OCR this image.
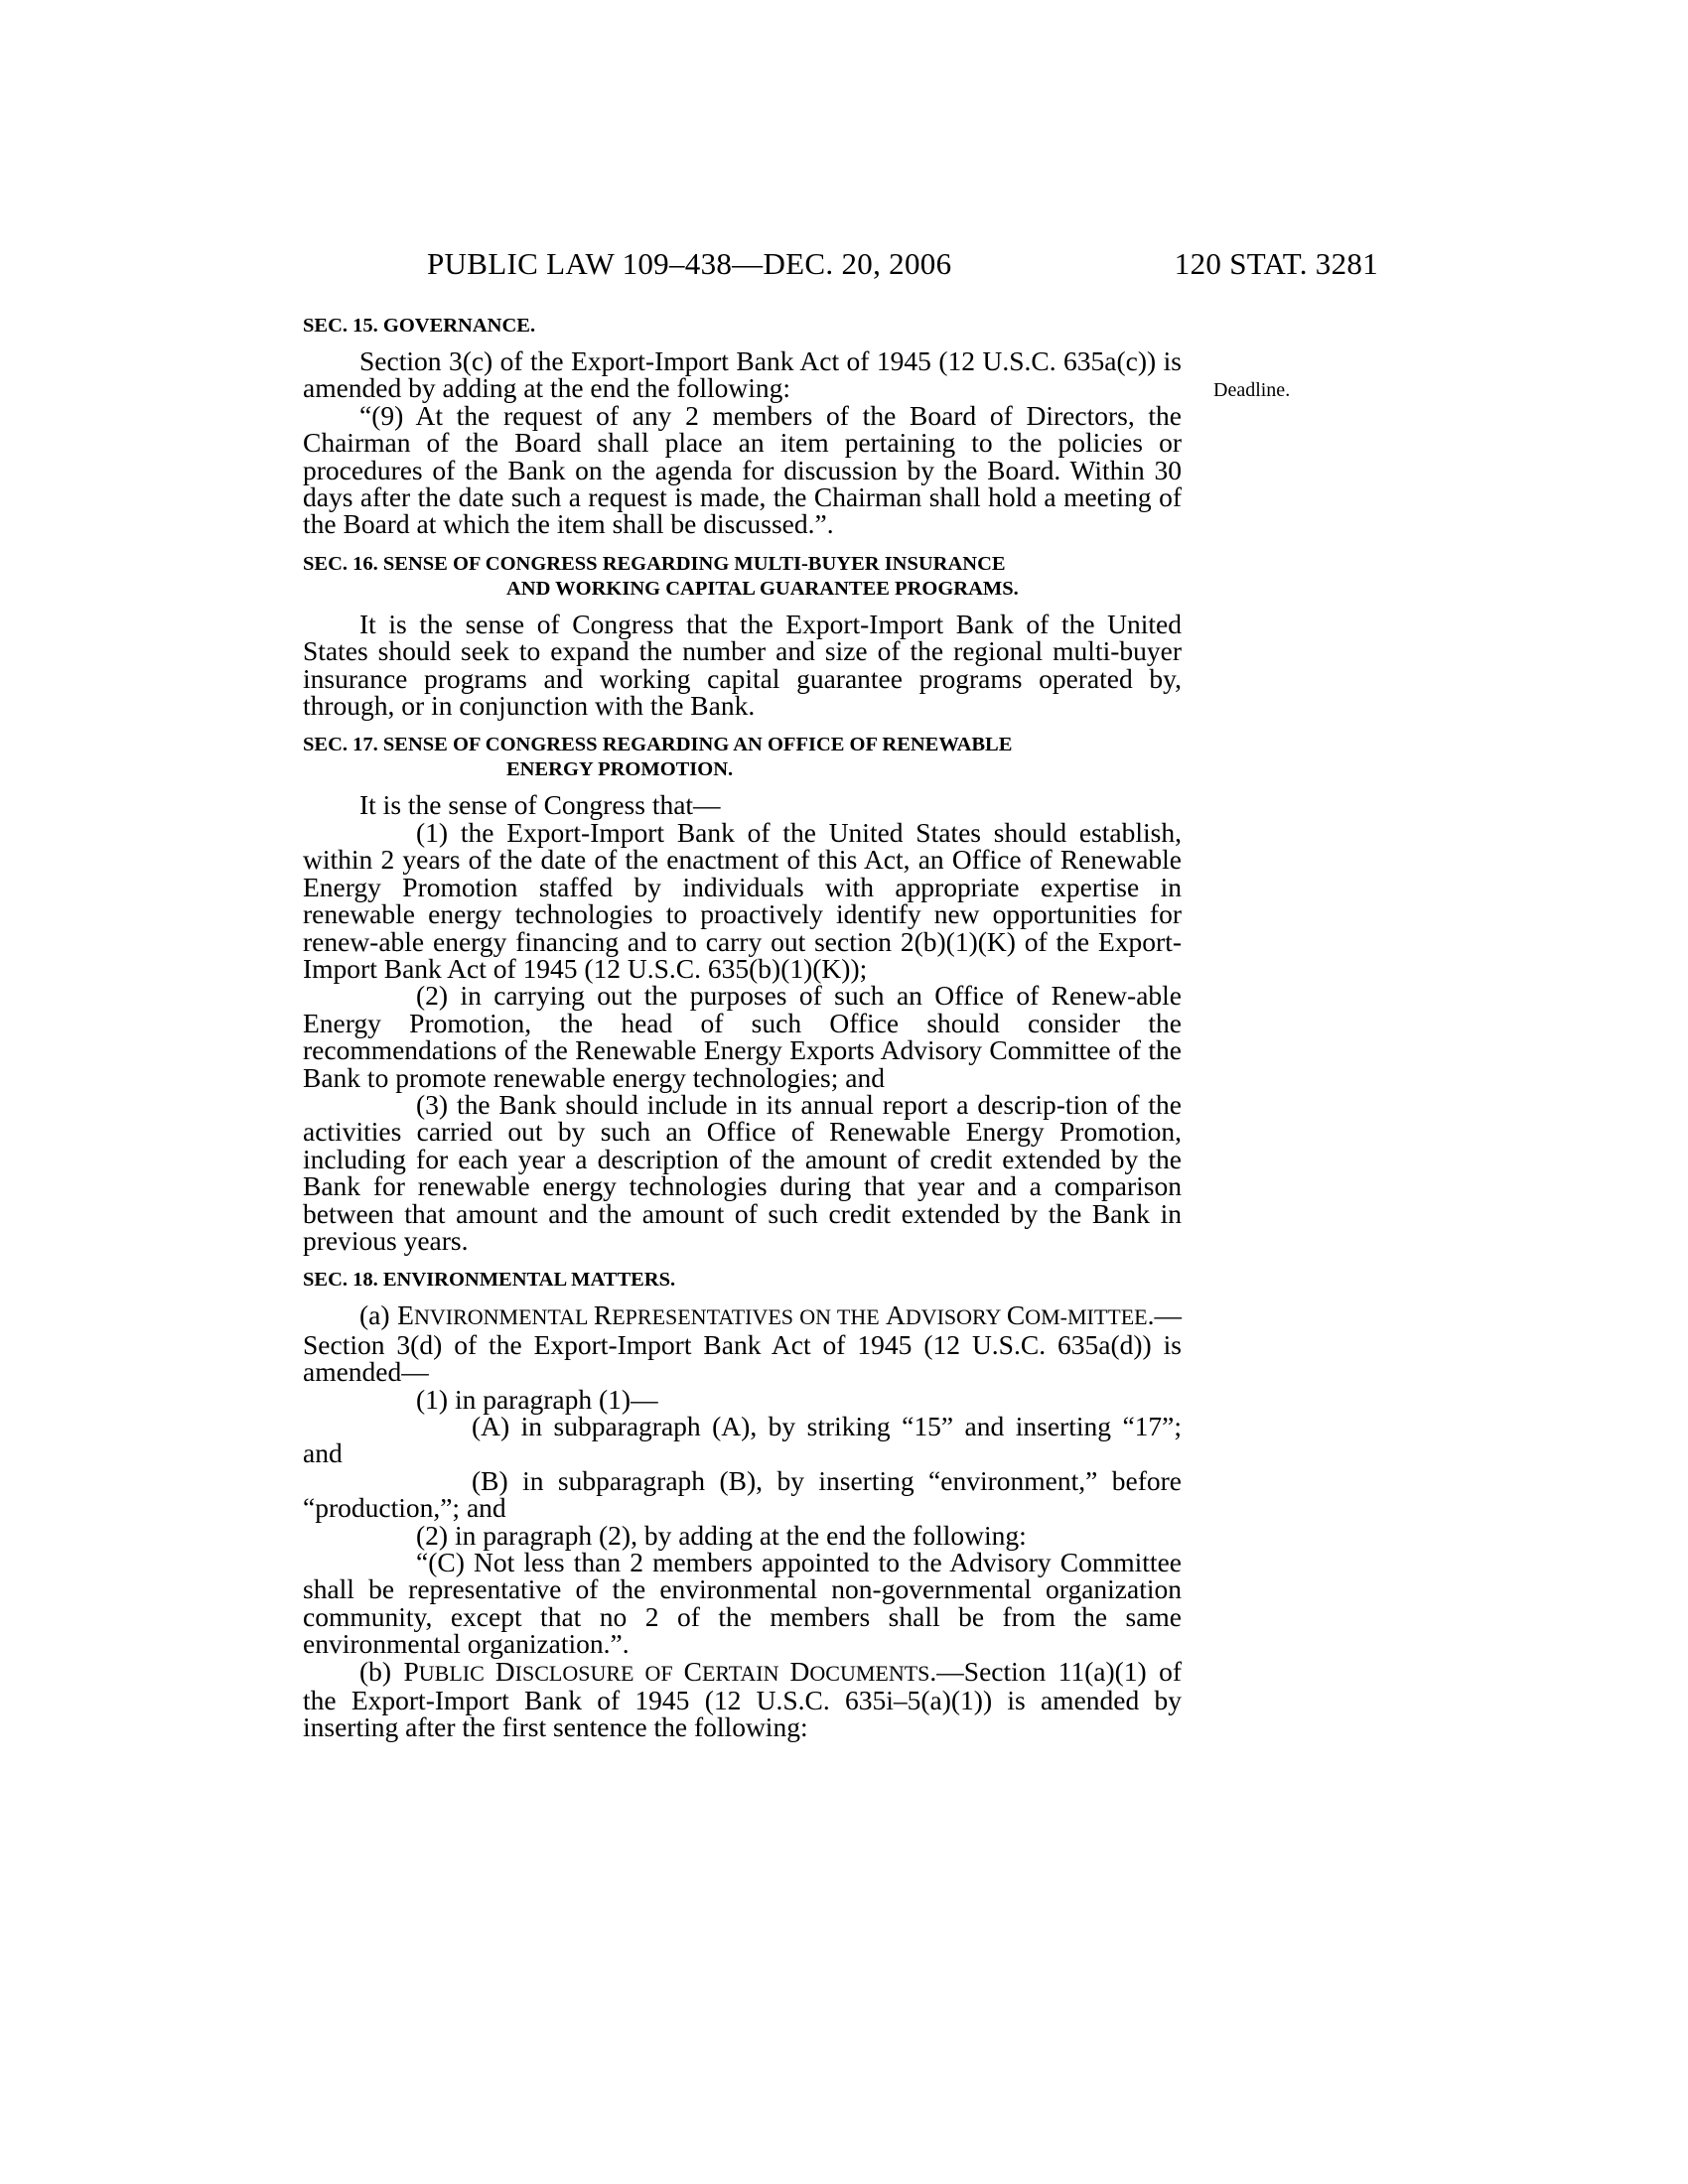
PUBLIC LAW 109–438—DEC. 20, 2006	120 STAT. 3281
Deadline.
SEC. 15. GOVERNANCE.

Section 3(c) of the Export-Import Bank Act of 1945 (12 U.S.C. 635a(c)) is amended by adding at the end the following:

“(9) At the request of any 2 members of the Board of Directors, the Chairman of the Board shall place an item pertaining to the policies or procedures of the Bank on the agenda for discussion by the Board. Within 30 days after the date such a request is made, the Chairman shall hold a meeting of the Board at which the item shall be discussed.”.

SEC. 16. SENSE OF CONGRESS REGARDING MULTI-BUYER INSURANCE
AND WORKING CAPITAL GUARANTEE PROGRAMS.

It is the sense of Congress that the Export-Import Bank of the United States should seek to expand the number and size of the regional multi-buyer insurance programs and working capital guarantee programs operated by, through, or in conjunction with the Bank.

SEC. 17. SENSE OF CONGRESS REGARDING AN OFFICE OF RENEWABLE
ENERGY PROMOTION.

It is the sense of Congress that—

(1) the Export-Import Bank of the United States should establish, within 2 years of the date of the enactment of this Act, an Office of Renewable Energy Promotion staffed by individuals with appropriate expertise in renewable energy technologies to proactively identify new opportunities for renew-able energy financing and to carry out section 2(b)(1)(K) of the Export-Import Bank Act of 1945 (12 U.S.C. 635(b)(1)(K));

(2) in carrying out the purposes of such an Office of Renew-able Energy Promotion, the head of such Office should consider the recommendations of the Renewable Energy Exports Advisory Committee of the Bank to promote renewable energy technologies; and

(3) the Bank should include in its annual report a descrip-tion of the activities carried out by such an Office of Renewable Energy Promotion, including for each year a description of the amount of credit extended by the Bank for renewable energy technologies during that year and a comparison between that amount and the amount of such credit extended by the Bank in previous years.

SEC. 18. ENVIRONMENTAL MATTERS.

(a) ENVIRONMENTAL REPRESENTATIVES ON THE ADVISORY COM-MITTEE.—Section 3(d) of the Export-Import Bank Act of 1945 (12 U.S.C. 635a(d)) is amended—

(1) in paragraph (1)—

(A) in subparagraph (A), by striking “15” and inserting “17”; and

(B) in subparagraph (B), by inserting “environment,” before “production,”; and

(2) in paragraph (2), by adding at the end the following:

“(C) Not less than 2 members appointed to the Advisory Committee shall be representative of the environmental non-governmental organization community, except that no 2 of the members shall be from the same environmental organization.”.

(b) PUBLIC DISCLOSURE OF CERTAIN DOCUMENTS.—Section 11(a)(1) of the Export-Import Bank of 1945 (12 U.S.C. 635i–5(a)(1)) is amended by inserting after the first sentence the following:
